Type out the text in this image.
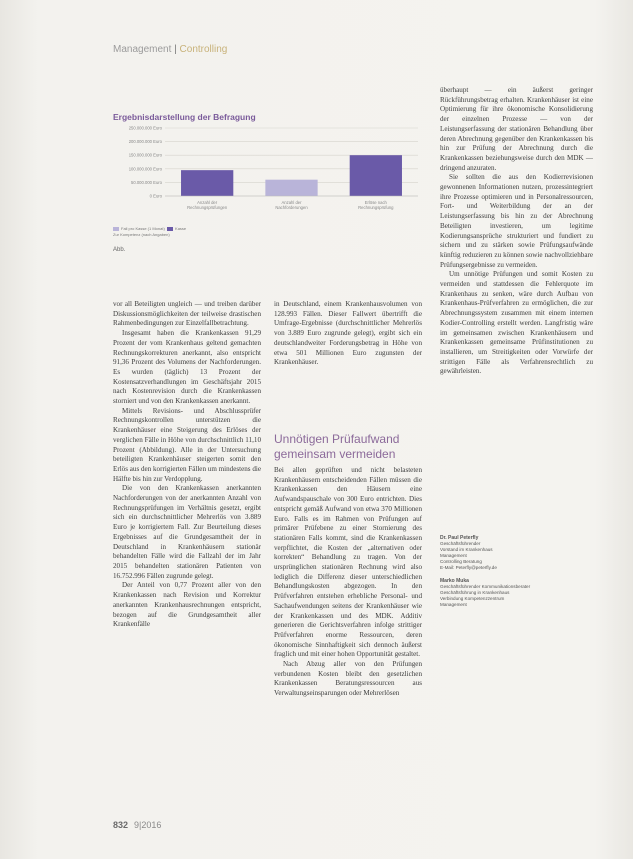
Management | Controlling
Ergebnisdarstellung der Befragung
250.000.000 Euro
200.000.000 Euro
150.000.000 Euro
100.000.000 Euro
50.000.000 Euro
0 Euro
Anzahl der Rechnungsprüfungen
Anzahl der Nachforderungen
Erlöse nach Rechnungsprüfung
Fall pro Kasse (1 Monat)	Kasse
Zur Kompetenz (nach Angaben)
Abb.

vor all Beteiligten ungleich — und treiben darüber Diskussionsmöglichkeiten der teilweise drastischen Rahmenbedingungen zur Einzelfallbetrachtung.

Insgesamt haben die Krankenkassen 91,29 Prozent der vom Krankenhaus geltend gemachten Rechnungskorrekturen anerkannt, also entspricht 91,36 Prozent des Volumens der Nachforderungen. Es wurden (täglich) 13 Prozent der Kostensatzverhandlungen im Geschäftsjahr 2015 nach Kostenrevision durch die Krankenkassen storniert und von den Krankenkassen anerkannt.

Mittels Revisions- und Abschlussprüfer Rechnungskontrollen unterstützen die Krankenhäuser eine Steigerung des Erlöses der verglichen Fälle in Höhe von durchschnittlich 11,10 Prozent (Abbildung). Alle in der Untersuchung beteiligten Krankenhäuser steigerten somit den Erlös aus den korrigierten Fällen um mindestens die Hälfte bis hin zur Verdopplung.

Die von den Krankenkassen anerkannten Nachforderungen von der anerkannten Anzahl von Rechnungsprüfungen im Verhältnis gesetzt, ergibt sich ein durchschnittlicher Mehrerlös von 3.889 Euro je korrigiertem Fall. Zur Beurteilung dieses Ergebnisses auf die Grundgesamtheit der in Deutschland in Krankenhäusern stationär behandelten Fälle wird die Fallzahl der im Jahr 2015 behandelten stationären Patienten von 16.752.996 Fällen zugrunde gelegt.

Der Anteil von 0,77 Prozent aller von den Krankenkassen nach Revision und Korrektur anerkannten Krankenhausrechnungen entspricht, bezogen auf die Grundgesamtheit aller Krankenfälle

in Deutschland, einem Krankenhausvolumen von 128.993 Fällen. Dieser Fallwert übertrifft die Umfrage-Ergebnisse (durchschnittlicher Mehrerlös von 3.889 Euro zugrunde gelegt), ergibt sich ein deutschlandweiter Forderungsbetrag in Höhe von etwa 501 Millionen Euro zugunsten der Krankenhäuser.

Unnötigen Prüfaufwand gemeinsam vermeiden

Bei allen geprüften und nicht belasteten Krankenhäusern entscheidenden Fällen müssen die Krankenkassen den Häusern eine Aufwandspauschale von 300 Euro entrichten. Dies entspricht gemäß Aufwand von etwa 370 Millionen Euro. Falls es im Rahmen von Prüfungen auf primärer Prüfebene zu einer Stornierung des stationären Falls kommt, sind die Krankenkassen verpflichtet, die Kosten der „alternativen oder korrekten“ Behandlung zu tragen. Von der ursprünglichen stationären Rechnung wird also lediglich die Differenz dieser unterschiedlichen Behandlungskosten abgezogen. In den Prüfverfahren entstehen erhebliche Personal- und Sachaufwendungen seitens der Krankenhäuser wie der Krankenkassen und des MDK. Additiv generieren die Gerichtsverfahren infolge strittiger Prüfverfahren enorme Ressourcen, deren ökonomische Sinnhaftigkeit sich dennoch äußerst fraglich und mit einer hohen Opportunität gestaltet.

Nach Abzug aller von den Prüfungen verbundenen Kosten bleibt den gesetzlichen Krankenkassen Beratungsressourcen aus Verwaltungseinsparungen oder Mehrerlösen

überhaupt — ein äußerst geringer Rückführungsbetrag erhalten. Krankenhäuser ist eine Optimierung für ihre ökonomische Konsolidierung der einzelnen Prozesse — von der Leistungserfassung der stationären Behandlung über deren Abrechnung gegenüber den Krankenkassen bis hin zur Prüfung der Abrechnung durch die Krankenkassen beziehungsweise durch den MDK — dringend anzuraten.

Sie sollten die aus den Kodierrevisionen gewonnenen Informationen nutzen, prozessintegriert ihre Prozesse optimieren und in Personalressourcen, Fort- und Weiterbildung der an der Leistungserfassung bis hin zu der Abrechnung Beteiligten investieren, um legitime Kodierungsansprüche strukturiert und fundiert zu sichern und zu stärken sowie Prüfungsaufwände künftig reduzieren zu können sowie nachvollziehbare Prüfungsergebnisse zu vermeiden.

Um unnötige Prüfungen und somit Kosten zu vermeiden und stattdessen die Fehlerquote im Krankenhaus zu senken, wäre durch Aufbau von Krankenhaus-Prüfverfahren zu ermöglichen, die zur Abrechnungssystem zusammen mit einem internen Kodier-Controlling erstellt werden. Langfristig wäre im gemeinsamen zwischen Krankenhäusern und Krankenkassen gemeinsame Prüfinstitutionen zu installieren, um Streitigkeiten oder Vorwürfe der strittigen Fälle als Verfahrensrechtlich zu gewährleisten.

Dr. Paul Peterfly
Geschäftsführender
Vorstand im Krankenhaus
Management
Controlling Beratung
E-Mail: Peterfly@peterfly.de
Marko Muka
Geschäftsführender Kommunikationsberater
Geschäftsführung in Krankenhaus
Verbindung Kompetenzzentrum
Management
832 9|2016
